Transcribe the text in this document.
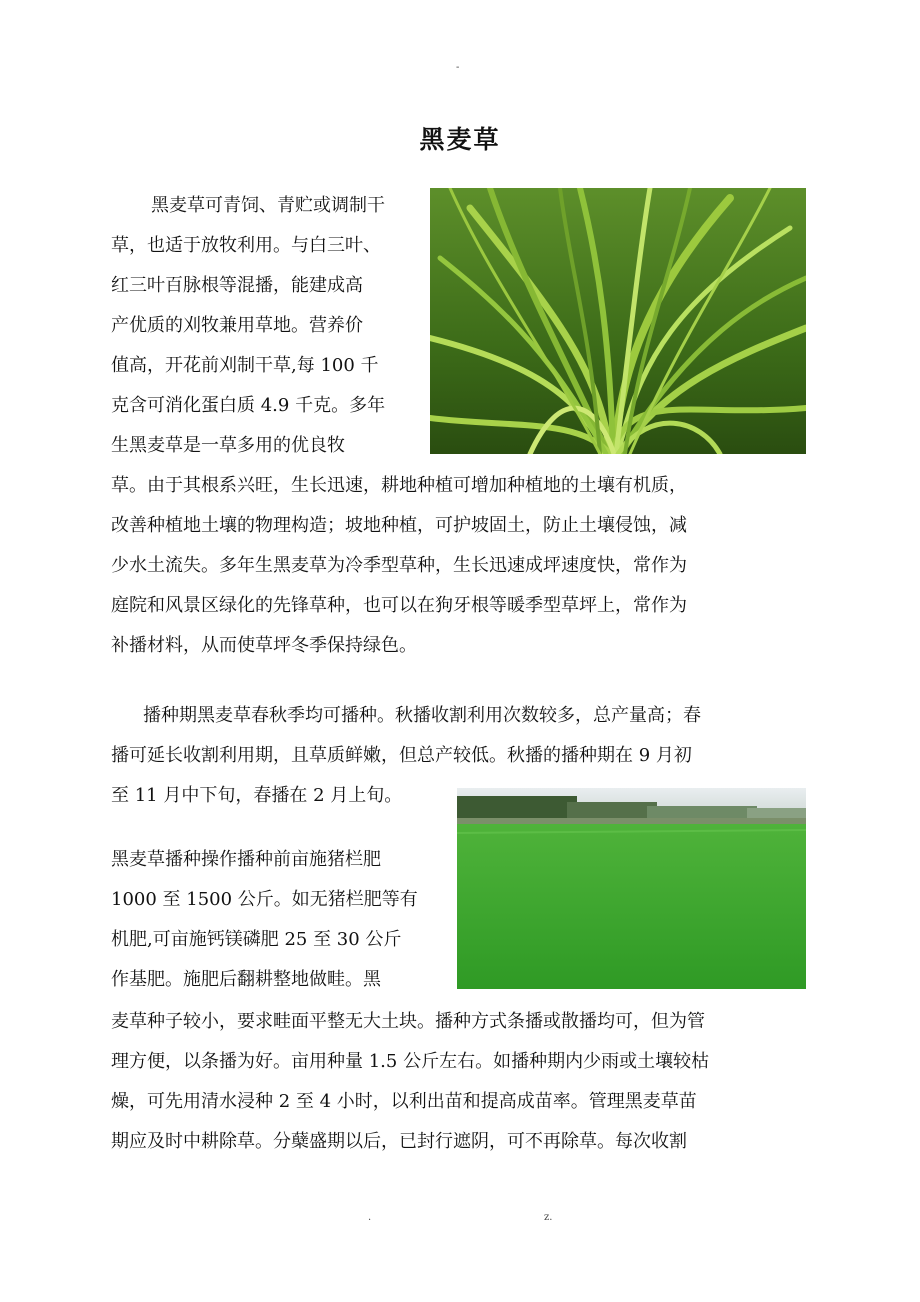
-
黑麦草
黑麦草可青饲、青贮或调制干
草，也适于放牧利用。与白三叶、
红三叶百脉根等混播，能建成高
产优质的刈牧兼用草地。营养价
值高，开花前刈制干草,每 100 千
克含可消化蛋白质 4.9 千克。多年
生黑麦草是一草多用的优良牧
草。由于其根系兴旺，生长迅速，耕地种植可增加种植地的土壤有机质，
改善种植地土壤的物理构造；坡地种植，可护坡固土，防止土壤侵蚀，减
少水土流失。多年生黑麦草为冷季型草种，生长迅速成坪速度快，常作为
庭院和风景区绿化的先锋草种，也可以在狗牙根等暖季型草坪上，常作为
补播材料，从而使草坪冬季保持绿色。
播种期黑麦草春秋季均可播种。秋播收割利用次数较多，总产量高；春
播可延长收割利用期，且草质鲜嫩，但总产较低。秋播的播种期在 9 月初
至 11 月中下旬，春播在 2 月上旬。
黑麦草播种操作播种前亩施猪栏肥
1000 至 1500 公斤。如无猪栏肥等有
机肥,可亩施钙镁磷肥 25 至 30 公斤
作基肥。施肥后翻耕整地做畦。黑
麦草种子较小，要求畦面平整无大土块。播种方式条播或散播均可，但为管
理方便，以条播为好。亩用种量 1.5 公斤左右。如播种期内少雨或土壤较枯
燥，可先用清水浸种 2 至 4 小时，以利出苗和提高成苗率。管理黑麦草苗
期应及时中耕除草。分蘖盛期以后，已封行遮阴，可不再除草。每次收割
.	z.
